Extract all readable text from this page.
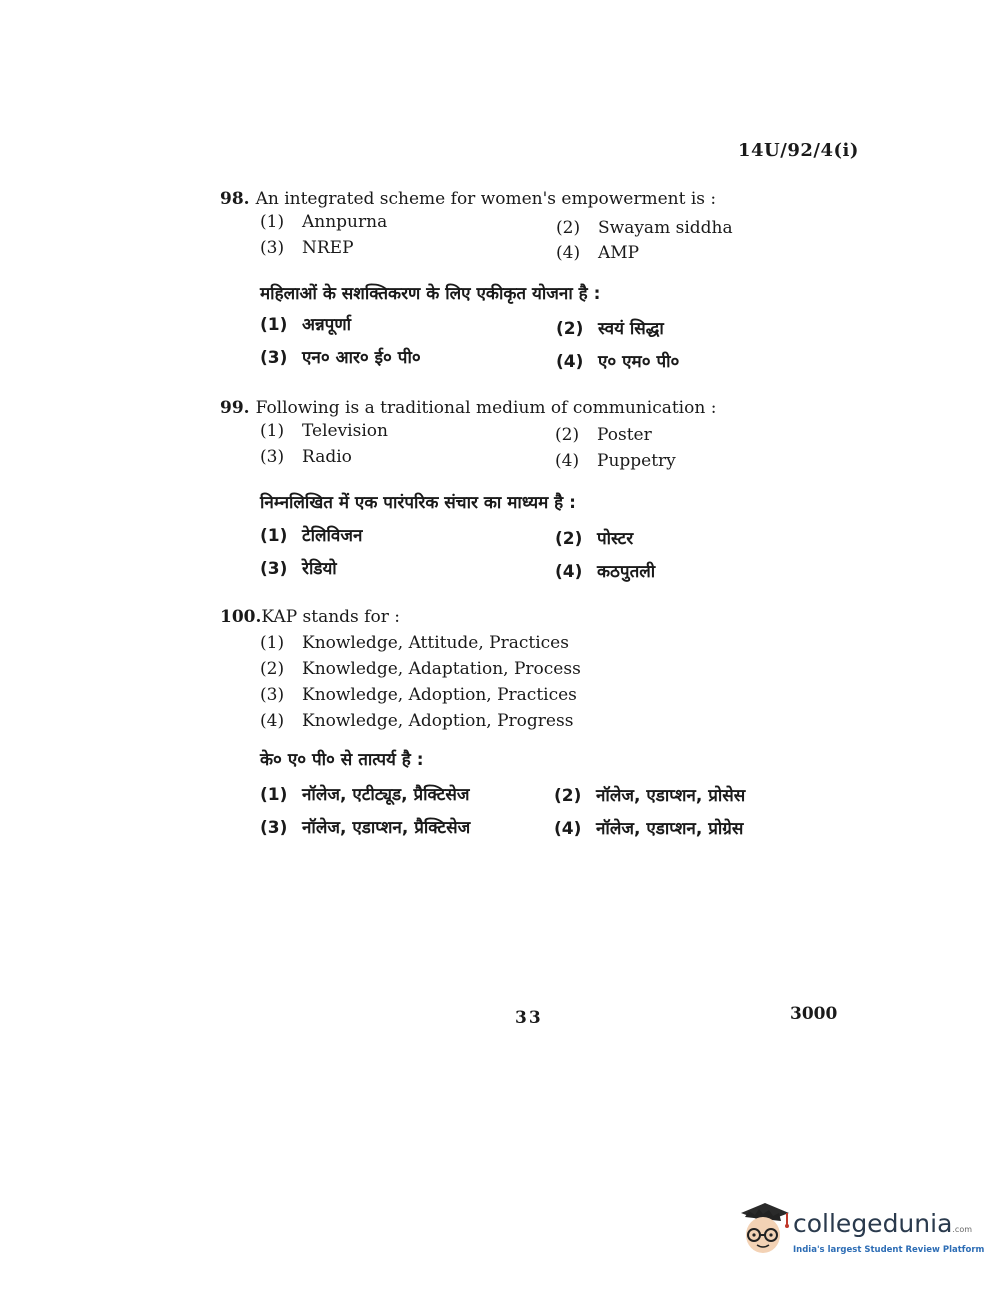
14U/92/4(i)
98. An integrated scheme for women's empowerment is :
(1) Annpurna	(2) Swayam siddha
(3) NREP	(4) AMP
महिलाओं के सशक्तिकरण के लिए एकीकृत योजना है :
(1) अन्नपूर्णा	(2) स्वयं सिद्धा
(3) एन० आर० ई० पी०	(4) ए० एम० पी०
99. Following is a traditional medium of communication :
(1) Television	(2) Poster
(3) Radio	(4) Puppetry
निम्नलिखित में एक पारंपरिक संचार का माध्यम है :
(1) टेलिविजन	(2) पोस्टर
(3) रेडियो	(4) कठपुतली
100.KAP stands for :
(1) Knowledge, Attitude, Practices
(2) Knowledge, Adaptation, Process
(3) Knowledge, Adoption, Practices
(4) Knowledge, Adoption, Progress
के० ए० पी० से तात्पर्य है :
(1) नॉलेज, एटीट्यूड, प्रैक्टिसेज	(2) नॉलेज, एडाप्शन, प्रोसेस
(3) नॉलेज, एडाप्शन, प्रैक्टिसेज	(4) नॉलेज, एडाप्शन, प्रोग्रेस
33	3000
collegedunia.com
India's largest Student Review Platform
